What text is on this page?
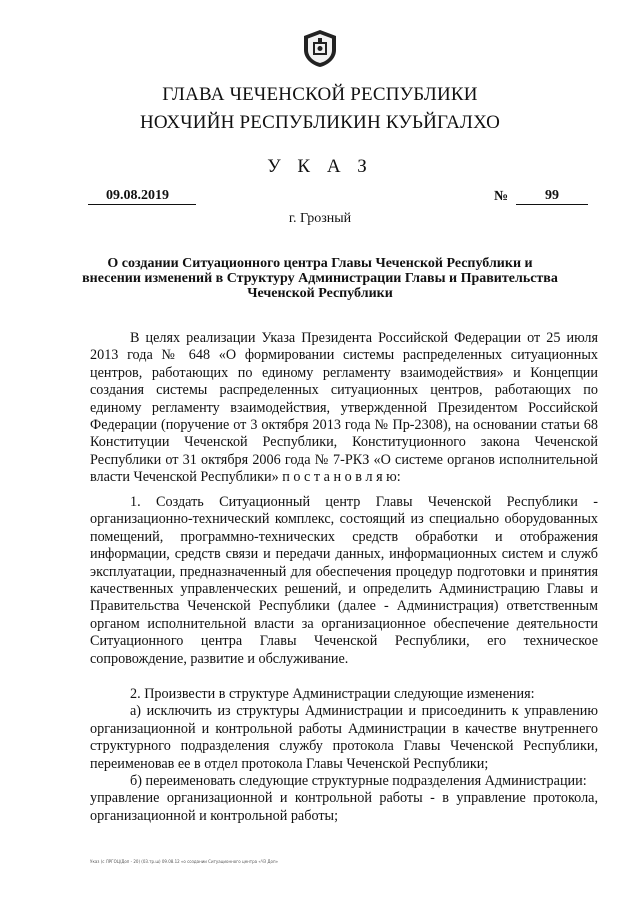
ГЛАВА ЧЕЧЕНСКОЙ РЕСПУБЛИКИ
НОХЧИЙН РЕСПУБЛИКИН КУЬЙГАЛХО
У К А З
09.08.2019	№	99
г. Грозный
О создании Ситуационного центра Главы Чеченской Республики и внесении изменений в Структуру Администрации Главы и Правительства Чеченской Республики
В целях реализации Указа Президента Российской Федерации от 25 июля 2013 года № 648 «О формировании системы распределенных ситуационных центров, работающих по единому регламенту взаимодействия» и Концепции создания системы распределенных ситуационных центров, работающих по единому регламенту взаимодействия, утвержденной Президентом Российской Федерации (поручение от 3 октября 2013 года № Пр-2308), на основании статьи 68 Конституции Чеченской Республики, Конституционного закона Чеченской Республики от 31 октября 2006 года № 7-РКЗ «О системе органов исполнительной власти Чеченской Республики» п о с т а н о в л я ю:
1. Создать Ситуационный центр Главы Чеченской Республики - организационно-технический комплекс, состоящий из специально оборудованных помещений, программно-технических средств обработки и отображения информации, средств связи и передачи данных, информационных систем и служб эксплуатации, предназначенный для обеспечения процедур подготовки и принятия качественных управленческих решений, и определить Администрацию Главы и Правительства Чеченской Республики (далее - Администрация) ответственным органом исполнительной власти за организационное обеспечение деятельности Ситуационного центра Главы Чеченской Республики, его техническое сопровождение, развитие и обслуживание.
2. Произвести в структуре Администрации следующие изменения:
а) исключить из структуры Администрации и присоединить к управлению организационной и контрольной работы Администрации в качестве внутреннего структурного подразделения службу протокола Главы Чеченской Республики, переименовав ее в отдел протокола Главы Чеченской Республики;
б) переименовать следующие структурные подразделения Администрации:
управление организационной и контрольной работы - в управление протокола, организационной и контрольной работы;
Указ (с ЛРГОЦ/Доп - 20) (03.тр.ш) 09.08.12 «о создании Ситуационного центра «ЧЗ Доп»
